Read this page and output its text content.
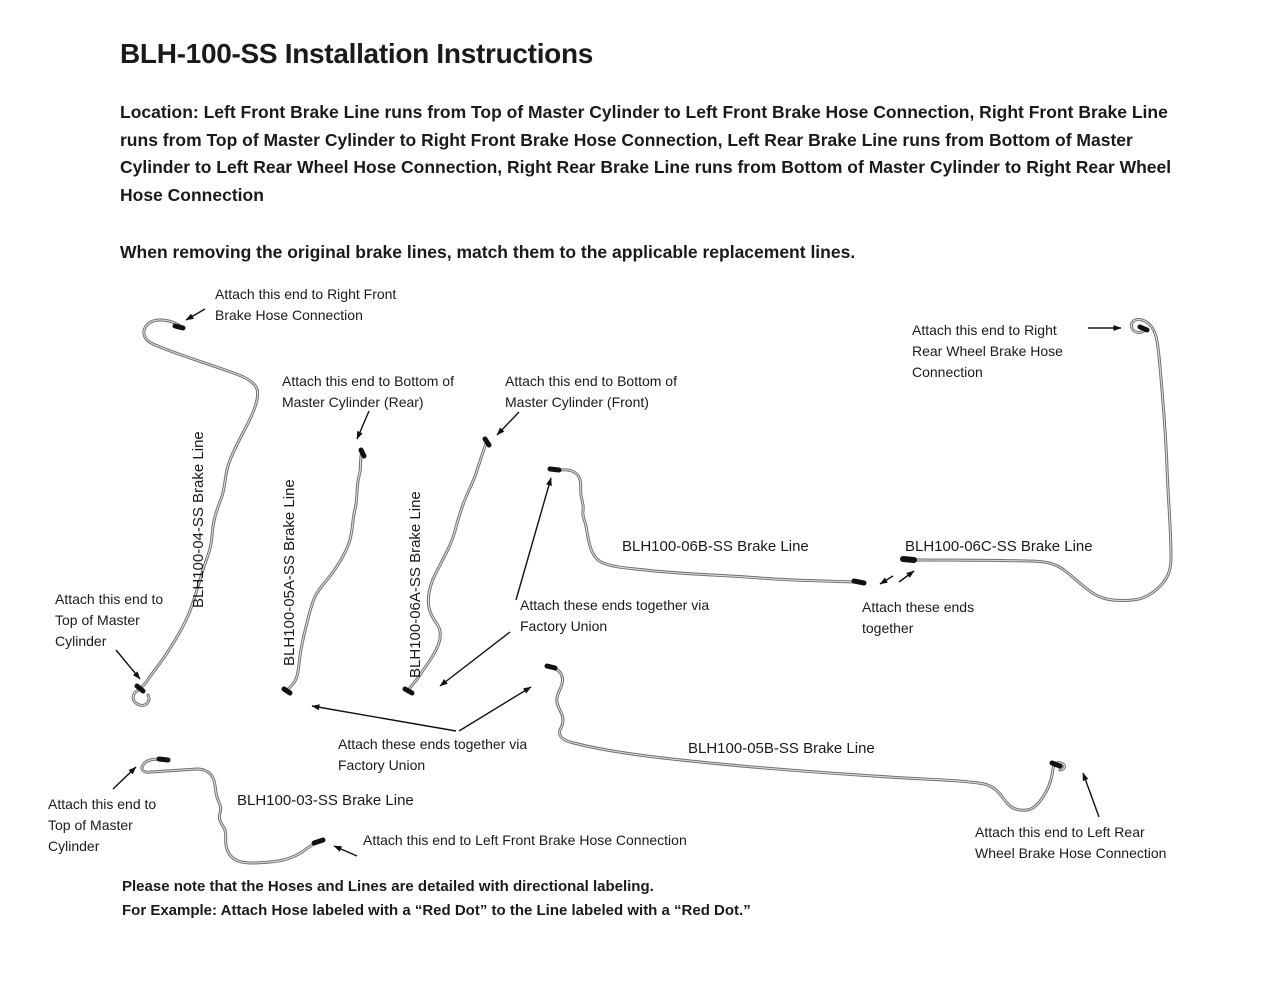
BLH-100-SS Installation Instructions
Location: Left Front Brake Line runs from Top of Master Cylinder to Left Front Brake Hose Connection, Right Front Brake Line runs from Top of Master Cylinder to Right Front Brake Hose Connection, Left Rear Brake Line runs from Bottom of Master Cylinder to Left Rear Wheel Hose Connection, Right Rear Brake Line runs from Bottom of Master Cylinder to Right Rear Wheel Hose Connection
When removing the original brake lines, match them to the applicable replacement lines.
Attach this end to Right Front Brake Hose Connection
Attach this end to Bottom of Master Cylinder (Rear)
Attach this end to Bottom of Master Cylinder (Front)
Attach this end to Right Rear Wheel Brake Hose Connection
Attach this end to Top of Master Cylinder
Attach these ends together via Factory Union
Attach these ends together
Attach these ends together via Factory Union
Attach this end to Top of Master Cylinder	Attach this end to Left Front Brake Hose Connection	Attach this end to Left Rear Wheel Brake Hose Connection
BLH100-04-SS Brake Line	BLH100-05A-SS Brake Line	BLH100-06A-SS Brake Line	BLH100-06B-SS Brake Line	BLH100-06C-SS Brake Line
BLH100-05B-SS Brake Line
BLH100-03-SS Brake Line
Please note that the Hoses and Lines are detailed with directional labeling.
For Example: Attach Hose labeled with a “Red Dot” to the Line labeled with a “Red Dot.”
